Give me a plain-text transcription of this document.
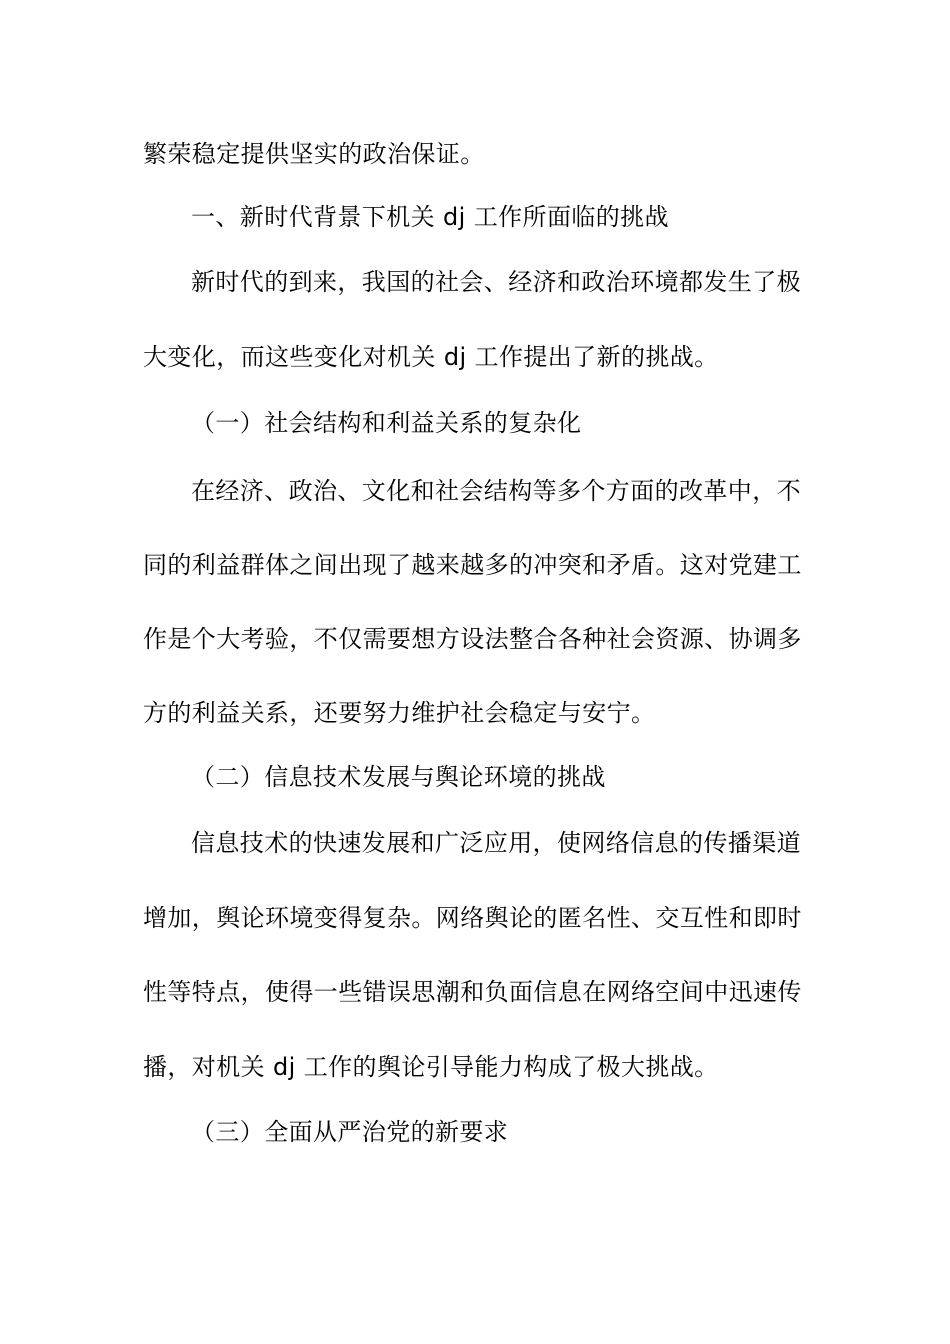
繁荣稳定提供坚实的政治保证。
一、新时代背景下机关 dj 工作所面临的挑战
新时代的到来，我国的社会、经济和政治环境都发生了极
大变化，而这些变化对机关 dj 工作提出了新的挑战。
（一）社会结构和利益关系的复杂化
在经济、政治、文化和社会结构等多个方面的改革中，不
同的利益群体之间出现了越来越多的冲突和矛盾。这对党建工
作是个大考验，不仅需要想方设法整合各种社会资源、协调多
方的利益关系，还要努力维护社会稳定与安宁。
（二）信息技术发展与舆论环境的挑战
信息技术的快速发展和广泛应用，使网络信息的传播渠道
增加，舆论环境变得复杂。网络舆论的匿名性、交互性和即时
性等特点，使得一些错误思潮和负面信息在网络空间中迅速传
播，对机关 dj 工作的舆论引导能力构成了极大挑战。
（三）全面从严治党的新要求
